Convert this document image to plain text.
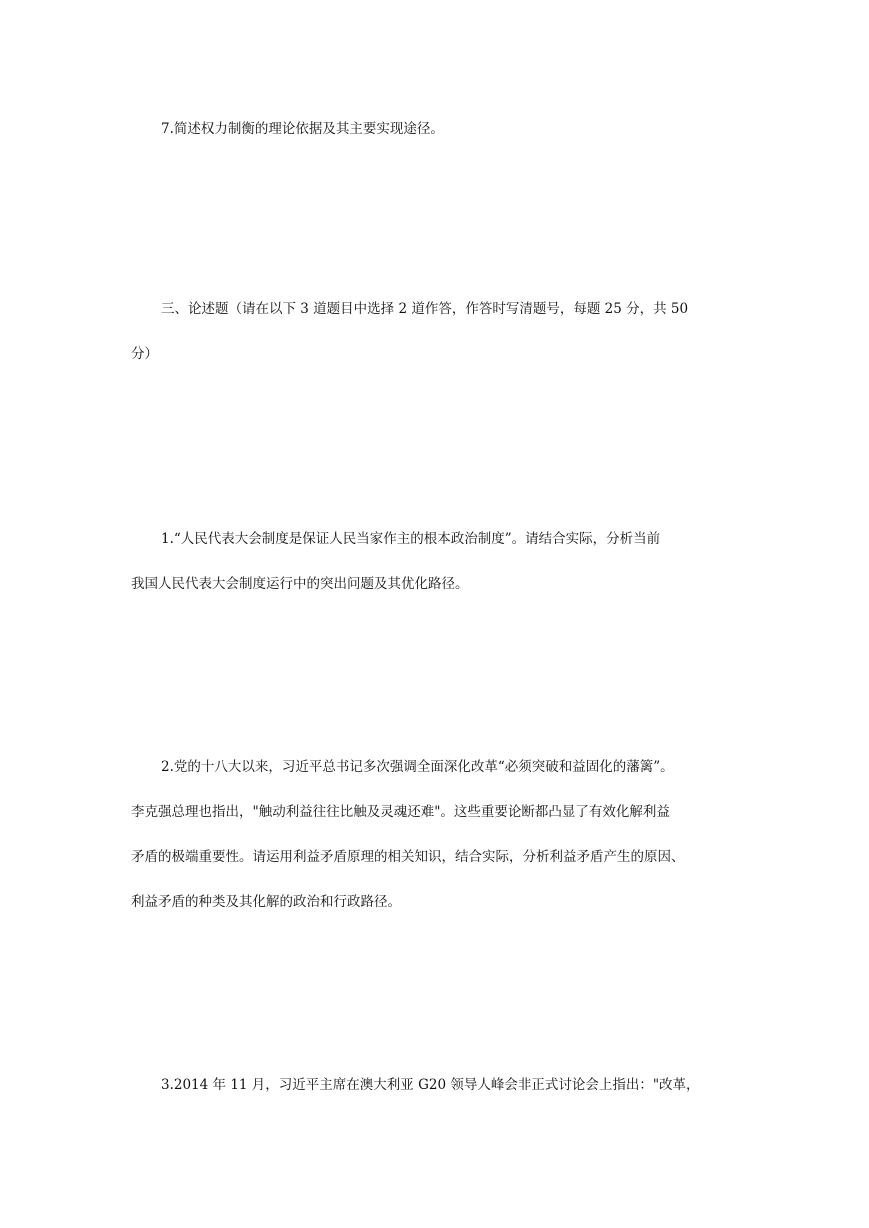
7.简述权力制衡的理论依据及其主要实现途径。

三、论述题（请在以下 3 道题目中选择 2 道作答，作答时写清题号，每题 25 分，共 50

分）

1.“人民代表大会制度是保证人民当家作主的根本政治制度”。请结合实际，分析当前

我国人民代表大会制度运行中的突出问题及其优化路径。

2.党的十八大以来，习近平总书记多次强调全面深化改革“必须突破和益固化的藩篱”。

李克强总理也指出，"触动利益往往比触及灵魂还难"。这些重要论断都凸显了有效化解利益

矛盾的极端重要性。请运用利益矛盾原理的相关知识，结合实际，分析利益矛盾产生的原因、

利益矛盾的种类及其化解的政治和行政路径。

3.2014 年 11 月，习近平主席在澳大利亚 G20 领导人峰会非正式讨论会上指出："改革，
